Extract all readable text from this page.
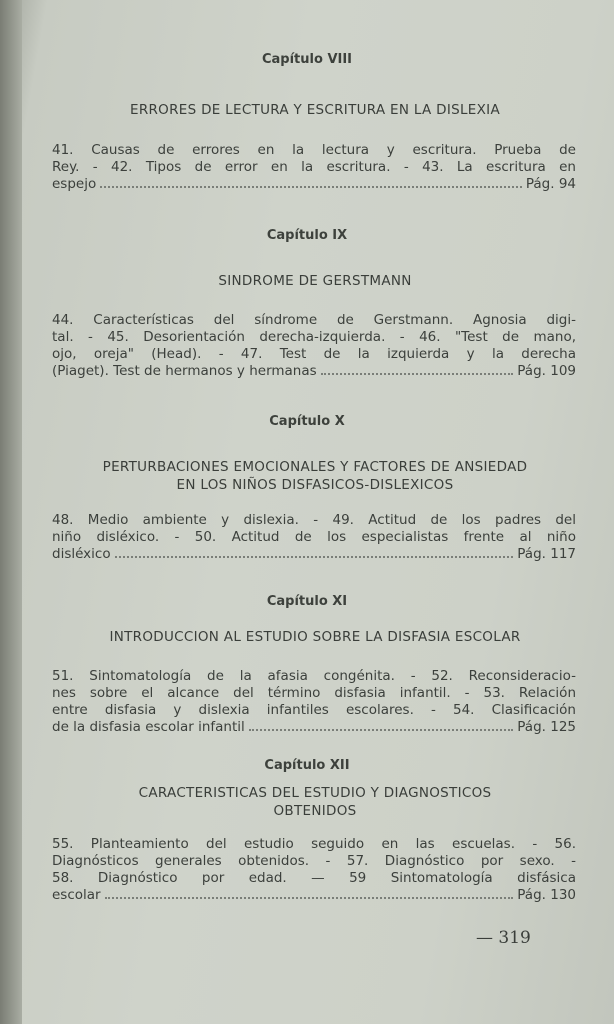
Capítulo VIII
ERRORES DE LECTURA Y ESCRITURA EN LA DISLEXIA
41. Causas de errores en la lectura y escritura. Prueba de
Rey. - 42. Tipos de error en la escritura. - 43. La escritura en
espejo	Pág. 94
Capítulo IX
SINDROME DE GERSTMANN
44. Características del síndrome de Gerstmann. Agnosia digi-
tal. - 45. Desorientación derecha-izquierda. - 46. "Test de mano,
ojo, oreja" (Head). - 47. Test de la izquierda y la derecha
(Piaget). Test de hermanos y hermanas	Pág. 109
Capítulo X
PERTURBACIONES EMOCIONALES Y FACTORES DE ANSIEDAD
EN LOS NIÑOS DISFASICOS-DISLEXICOS
48. Medio ambiente y dislexia. - 49. Actitud de los padres del
niño disléxico. - 50. Actitud de los especialistas frente al niño
disléxico	Pág. 117
Capítulo XI
INTRODUCCION AL ESTUDIO SOBRE LA DISFASIA ESCOLAR
51. Sintomatología de la afasia congénita. - 52. Reconsideracio-
nes sobre el alcance del término disfasia infantil. - 53. Relación
entre disfasia y dislexia infantiles escolares. - 54. Clasificación
de la disfasia escolar infantil	Pág. 125
Capítulo XII
CARACTERISTICAS DEL ESTUDIO Y DIAGNOSTICOS
OBTENIDOS
55. Planteamiento del estudio seguido en las escuelas. - 56.
Diagnósticos generales obtenidos. - 57. Diagnóstico por sexo. -
58. Diagnóstico por edad. — 59 Sintomatología disfásica
escolar	Pág. 130
— 319
